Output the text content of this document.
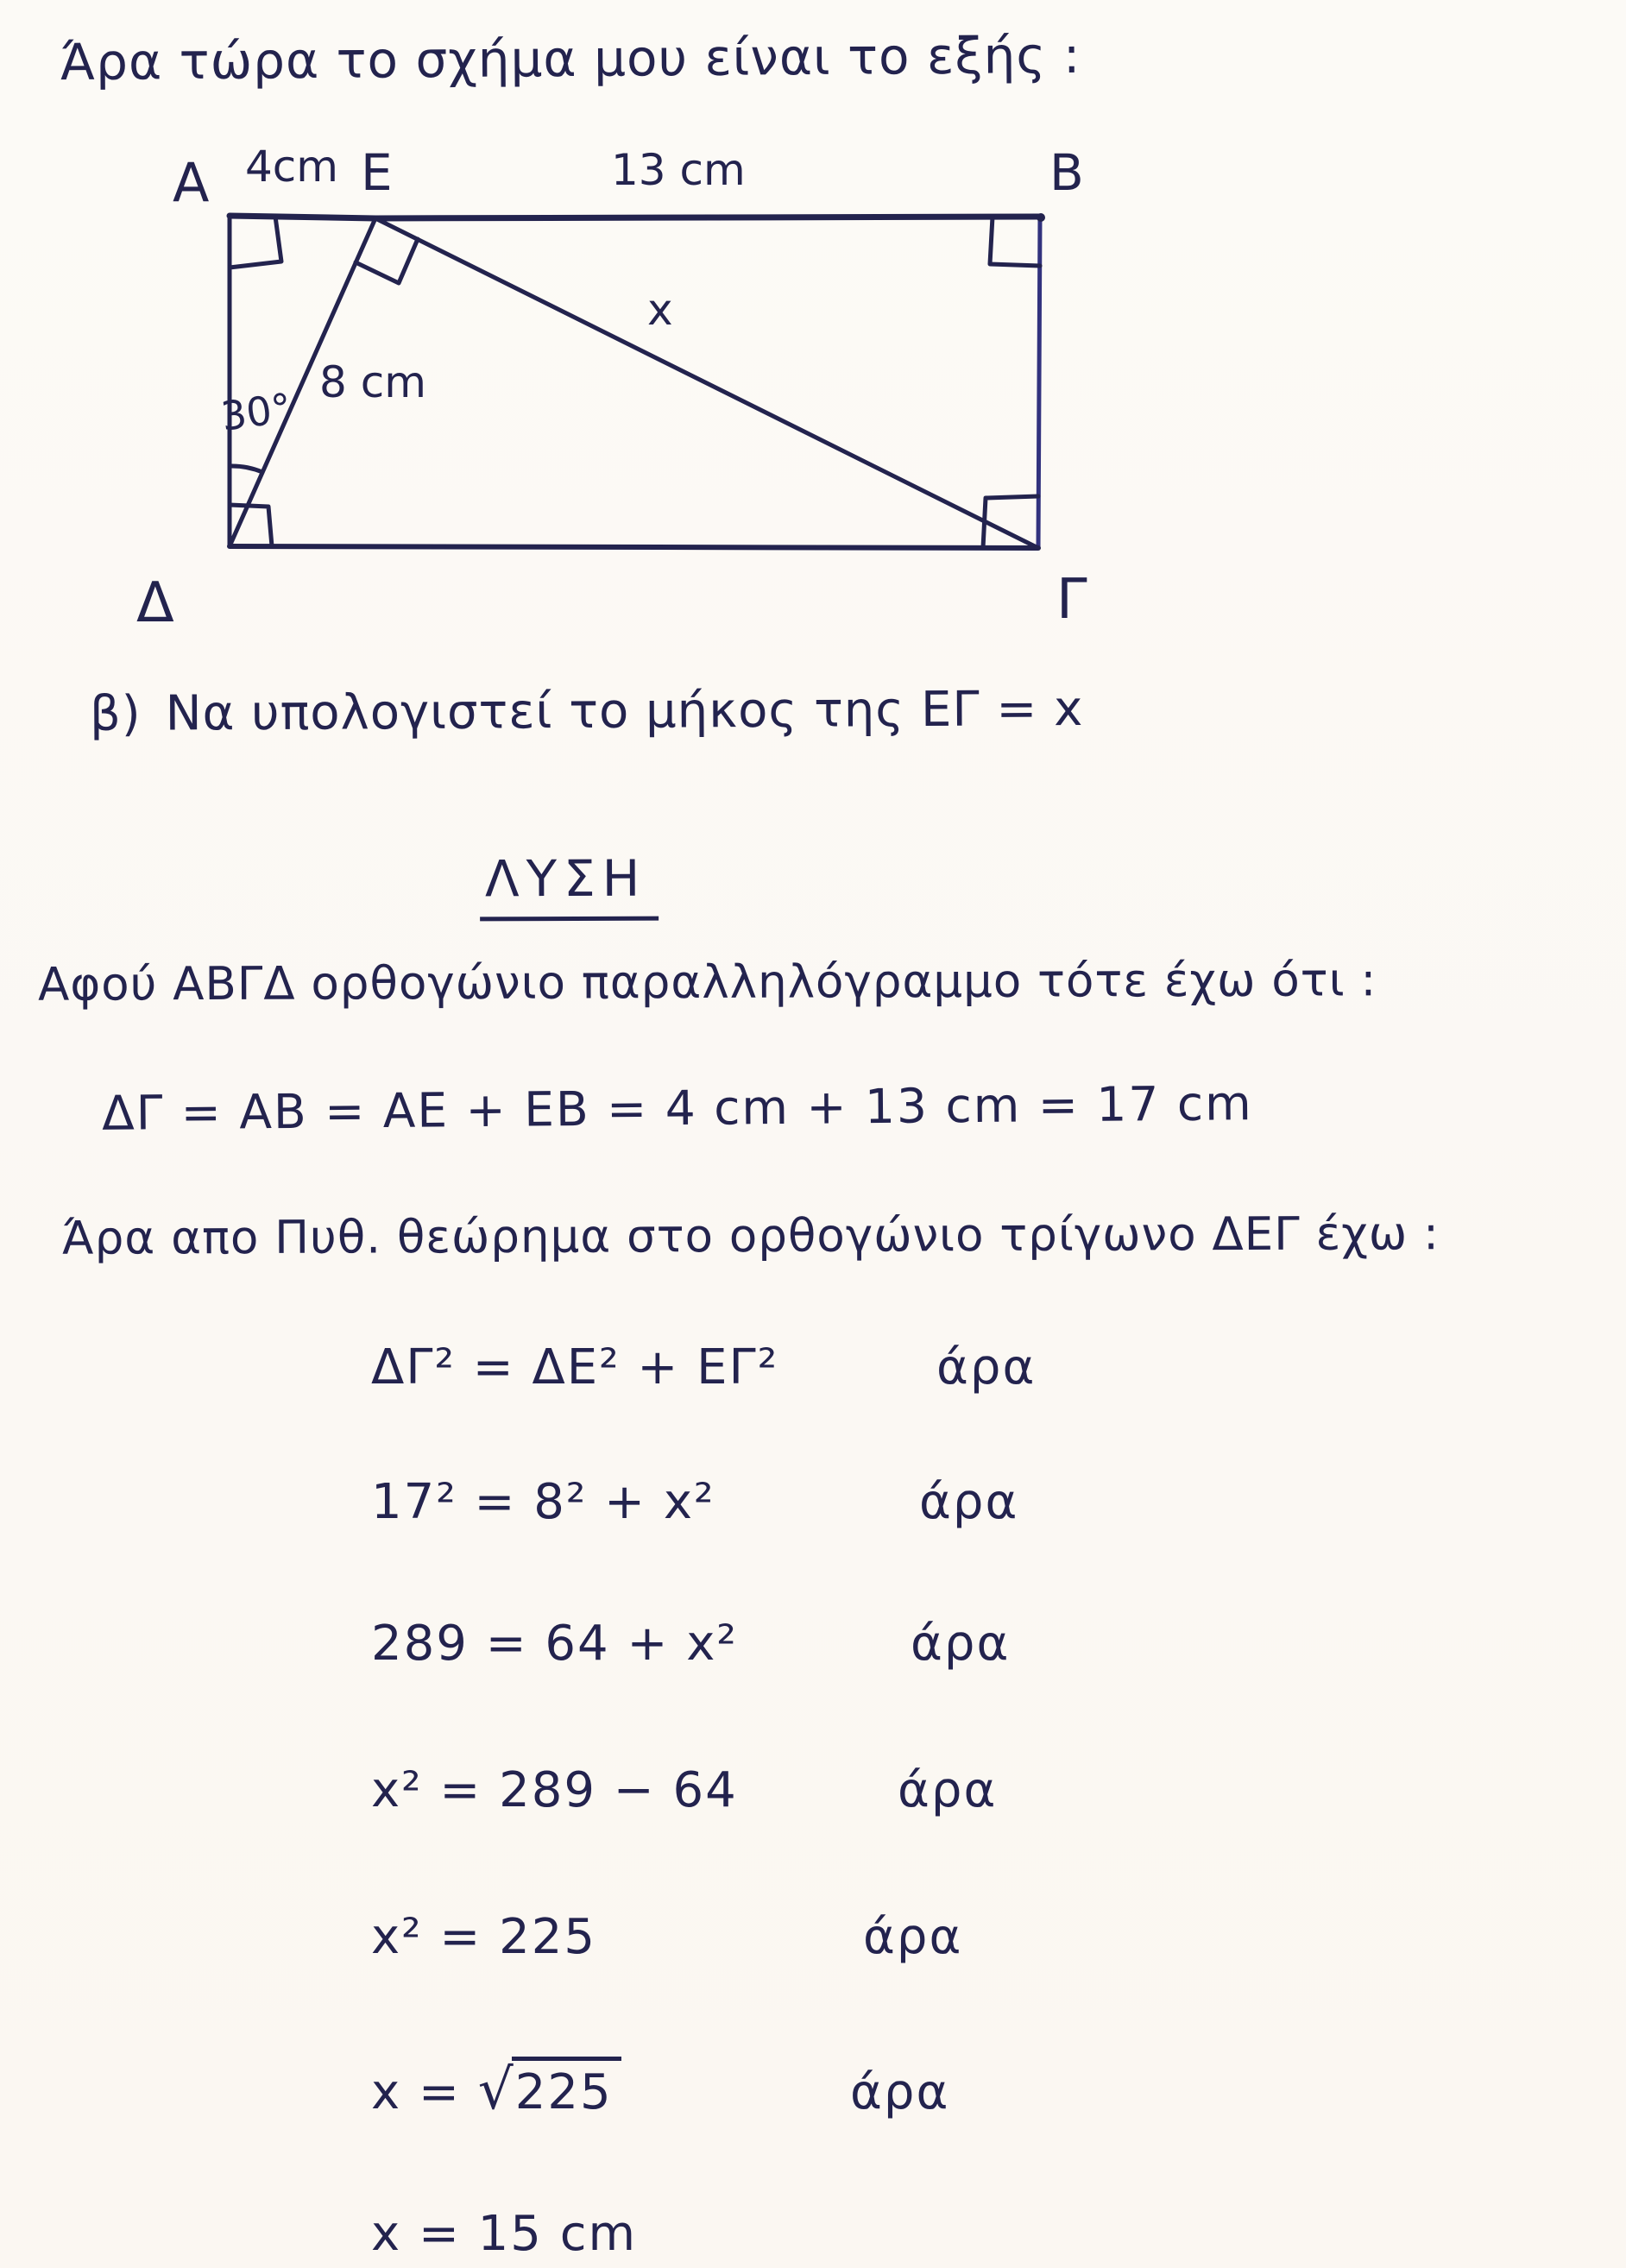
Άρα τώρα το σχήμα μου είναι το εξής :
A 4cm E	13 cm	B
Δ	Γ
30°
8 cm
x
β) Να υπολογιστεί το μήκος της ΕΓ = x
ΛΥΣΗ
Αφού ΑΒΓΔ ορθογώνιο παραλληλόγραμμο τότε έχω ότι :
ΔΓ = ΑΒ = ΑΕ + ΕΒ = 4 cm + 13 cm = 17 cm
Άρα απο Πυθ. θεώρημα στο ορθογώνιο τρίγωνο ΔΕΓ έχω :
ΔΓ² = ΔΕ² + ΕΓ²	άρα
17² = 8² + x²	άρα
289 = 64 + x²	άρα
x² = 289 − 64	άρα
x² = 225	άρα
x = √225	άρα
x = 15 cm
